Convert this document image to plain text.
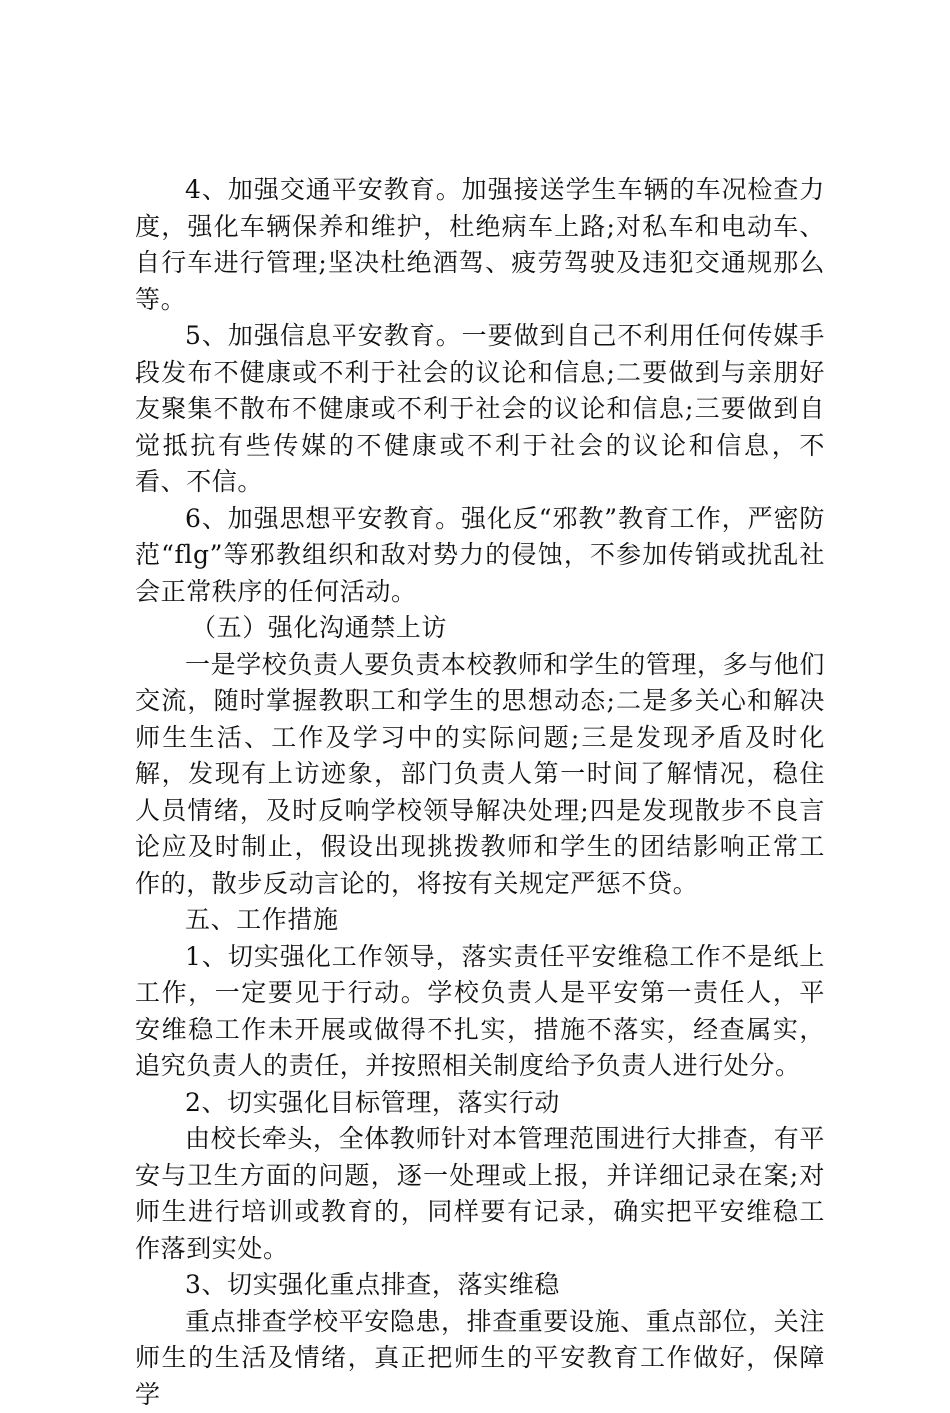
4、加强交通平安教育。加强接送学生车辆的车况检查力度，强化车辆保养和维护，杜绝病车上路;对私车和电动车、自行车进行管理;坚决杜绝酒驾、疲劳驾驶及违犯交通规那么等。

5、加强信息平安教育。一要做到自己不利用任何传媒手段发布不健康或不利于社会的议论和信息;二要做到与亲朋好友聚集不散布不健康或不利于社会的议论和信息;三要做到自觉抵抗有些传媒的不健康或不利于社会的议论和信息，不看、不信。

6、加强思想平安教育。强化反“邪教”教育工作，严密防范“flg”等邪教组织和敌对势力的侵蚀，不参加传销或扰乱社会正常秩序的任何活动。

（五）强化沟通禁上访

一是学校负责人要负责本校教师和学生的管理，多与他们交流，随时掌握教职工和学生的思想动态;二是多关心和解决师生生活、工作及学习中的实际问题;三是发现矛盾及时化解，发现有上访迹象，部门负责人第一时间了解情况，稳住人员情绪，及时反响学校领导解决处理;四是发现散步不良言论应及时制止，假设出现挑拨教师和学生的团结影响正常工作的，散步反动言论的，将按有关规定严惩不贷。

五、工作措施

1、切实强化工作领导，落实责任平安维稳工作不是纸上工作，一定要见于行动。学校负责人是平安第一责任人，平安维稳工作未开展或做得不扎实，措施不落实，经查属实，追究负责人的责任，并按照相关制度给予负责人进行处分。

2、切实强化目标管理，落实行动

由校长牵头，全体教师针对本管理范围进行大排查，有平安与卫生方面的问题，逐一处理或上报，并详细记录在案;对师生进行培训或教育的，同样要有记录，确实把平安维稳工作落到实处。

3、切实强化重点排查，落实维稳

重点排查学校平安隐患，排查重要设施、重点部位，关注师生的生活及情绪，真正把师生的平安教育工作做好，保障学
